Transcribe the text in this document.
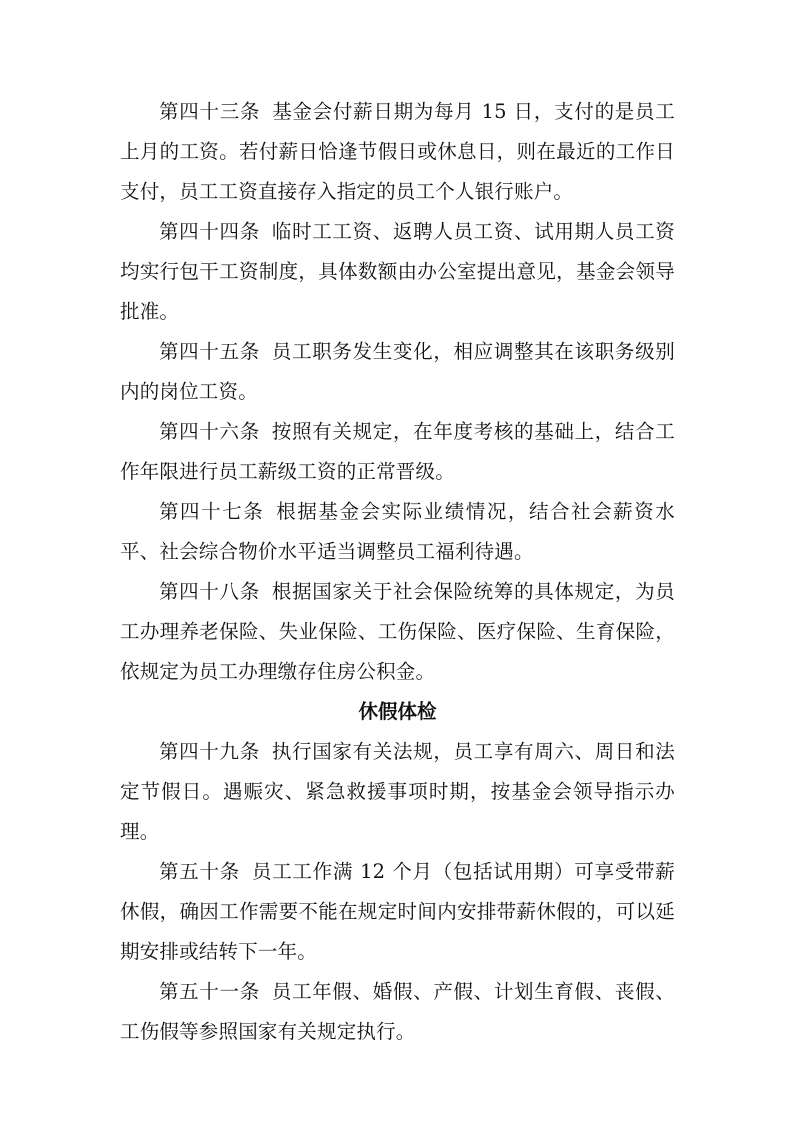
第四十三条 基金会付薪日期为每月 15 日，支付的是员工上月的工资。若付薪日恰逢节假日或休息日，则在最近的工作日支付，员工工资直接存入指定的员工个人银行账户。

第四十四条 临时工工资、返聘人员工资、试用期人员工资均实行包干工资制度，具体数额由办公室提出意见，基金会领导批准。

第四十五条 员工职务发生变化，相应调整其在该职务级别内的岗位工资。

第四十六条 按照有关规定，在年度考核的基础上，结合工作年限进行员工薪级工资的正常晋级。

第四十七条 根据基金会实际业绩情况，结合社会薪资水平、社会综合物价水平适当调整员工福利待遇。

第四十八条 根据国家关于社会保险统筹的具体规定，为员工办理养老保险、失业保险、工伤保险、医疗保险、生育保险，依规定为员工办理缴存住房公积金。

休假体检

第四十九条 执行国家有关法规，员工享有周六、周日和法定节假日。遇赈灾、紧急救援事项时期，按基金会领导指示办理。

第五十条 员工工作满 12 个月（包括试用期）可享受带薪休假，确因工作需要不能在规定时间内安排带薪休假的，可以延期安排或结转下一年。

第五十一条 员工年假、婚假、产假、计划生育假、丧假、工伤假等参照国家有关规定执行。
